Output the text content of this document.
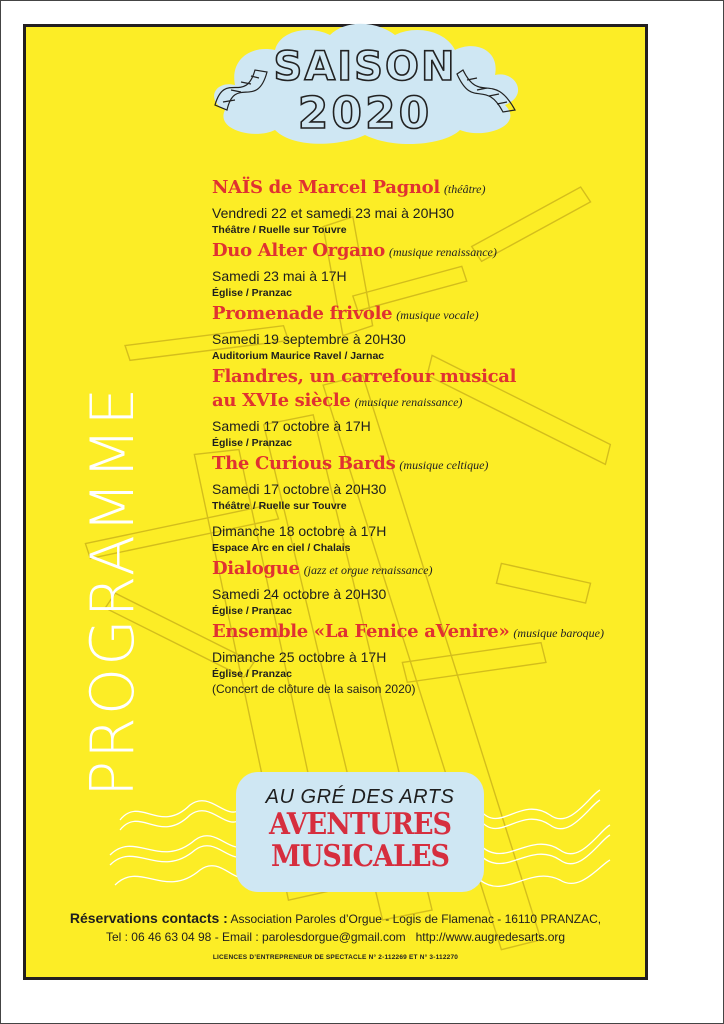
PROGRAMME
SAISON
2020
NAÏS de Marcel Pagnol (théâtre)
Vendredi 22 et samedi 23 mai à 20H30
Théâtre / Ruelle sur Touvre
Duo Alter Organo (musique renaissance)
Samedi 23 mai à 17H
Église / Pranzac
Promenade frivole (musique vocale)
Samedi 19 septembre à 20H30
Auditorium Maurice Ravel / Jarnac
Flandres, un carrefour musical
au XVIe siècle (musique renaissance)
Samedi 17 octobre à 17H
Église / Pranzac
The Curious Bards (musique celtique)
Samedi 17 octobre à 20H30
Théâtre / Ruelle sur Touvre
Dimanche 18 octobre à 17H
Espace Arc en ciel / Chalais
Dialogue (jazz et orgue renaissance)
Samedi 24 octobre à 20H30
Église / Pranzac
Ensemble «La Fenice aVenire» (musique baroque)
Dimanche 25 octobre à 17H
Église / Pranzac
(Concert de clôture de la saison 2020)
AU GRÉ DES ARTS
AVENTURES
MUSICALES
Réservations contacts : Association Paroles d’Orgue - Logis de Flamenac - 16110 PRANZAC,
Tel : 06 46 63 04 98 - Email : parolesdorgue@gmail.com http://www.augredesarts.org
LICENCES D’ENTREPRENEUR DE SPECTACLE N° 2-112269 ET N° 3-112270
